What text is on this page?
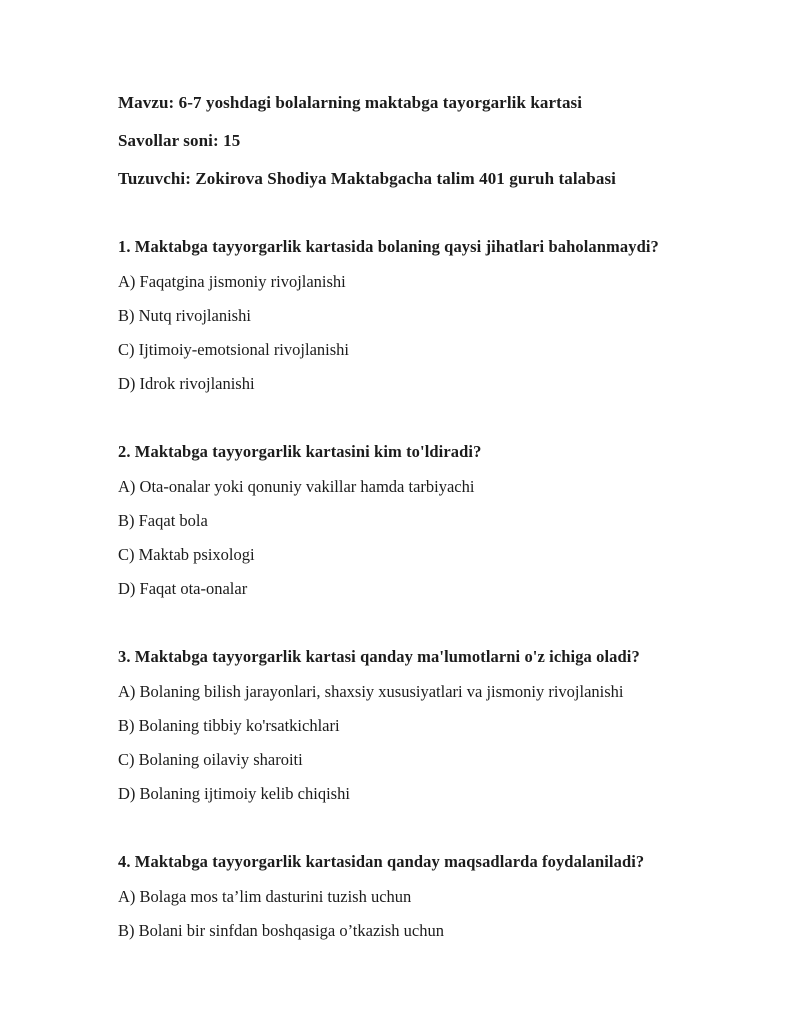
Mavzu: 6-7 yoshdagi bolalarning maktabga tayorgarlik kartasi

Savollar soni: 15

Tuzuvchi: Zokirova Shodiya Maktabgacha talim 401 guruh talabasi

1. Maktabga tayyorgarlik kartasida bolaning qaysi jihatlari baholanmaydi?

A) Faqatgina jismoniy rivojlanishi

B) Nutq rivojlanishi

C) Ijtimoiy-emotsional rivojlanishi

D) Idrok rivojlanishi

2. Maktabga tayyorgarlik kartasini kim to'ldiradi?

A) Ota-onalar yoki qonuniy vakillar hamda tarbiyachi

B) Faqat bola

C) Maktab psixologi

D) Faqat ota-onalar

3. Maktabga tayyorgarlik kartasi qanday ma'lumotlarni o'z ichiga oladi?

A) Bolaning bilish jarayonlari, shaxsiy xususiyatlari va jismoniy rivojlanishi

B) Bolaning tibbiy ko'rsatkichlari

C) Bolaning oilaviy sharoiti

D) Bolaning ijtimoiy kelib chiqishi

4. Maktabga tayyorgarlik kartasidan qanday maqsadlarda foydalaniladi?

A) Bolaga mos ta’lim dasturini tuzish uchun

B) Bolani bir sinfdan boshqasiga o’tkazish uchun
